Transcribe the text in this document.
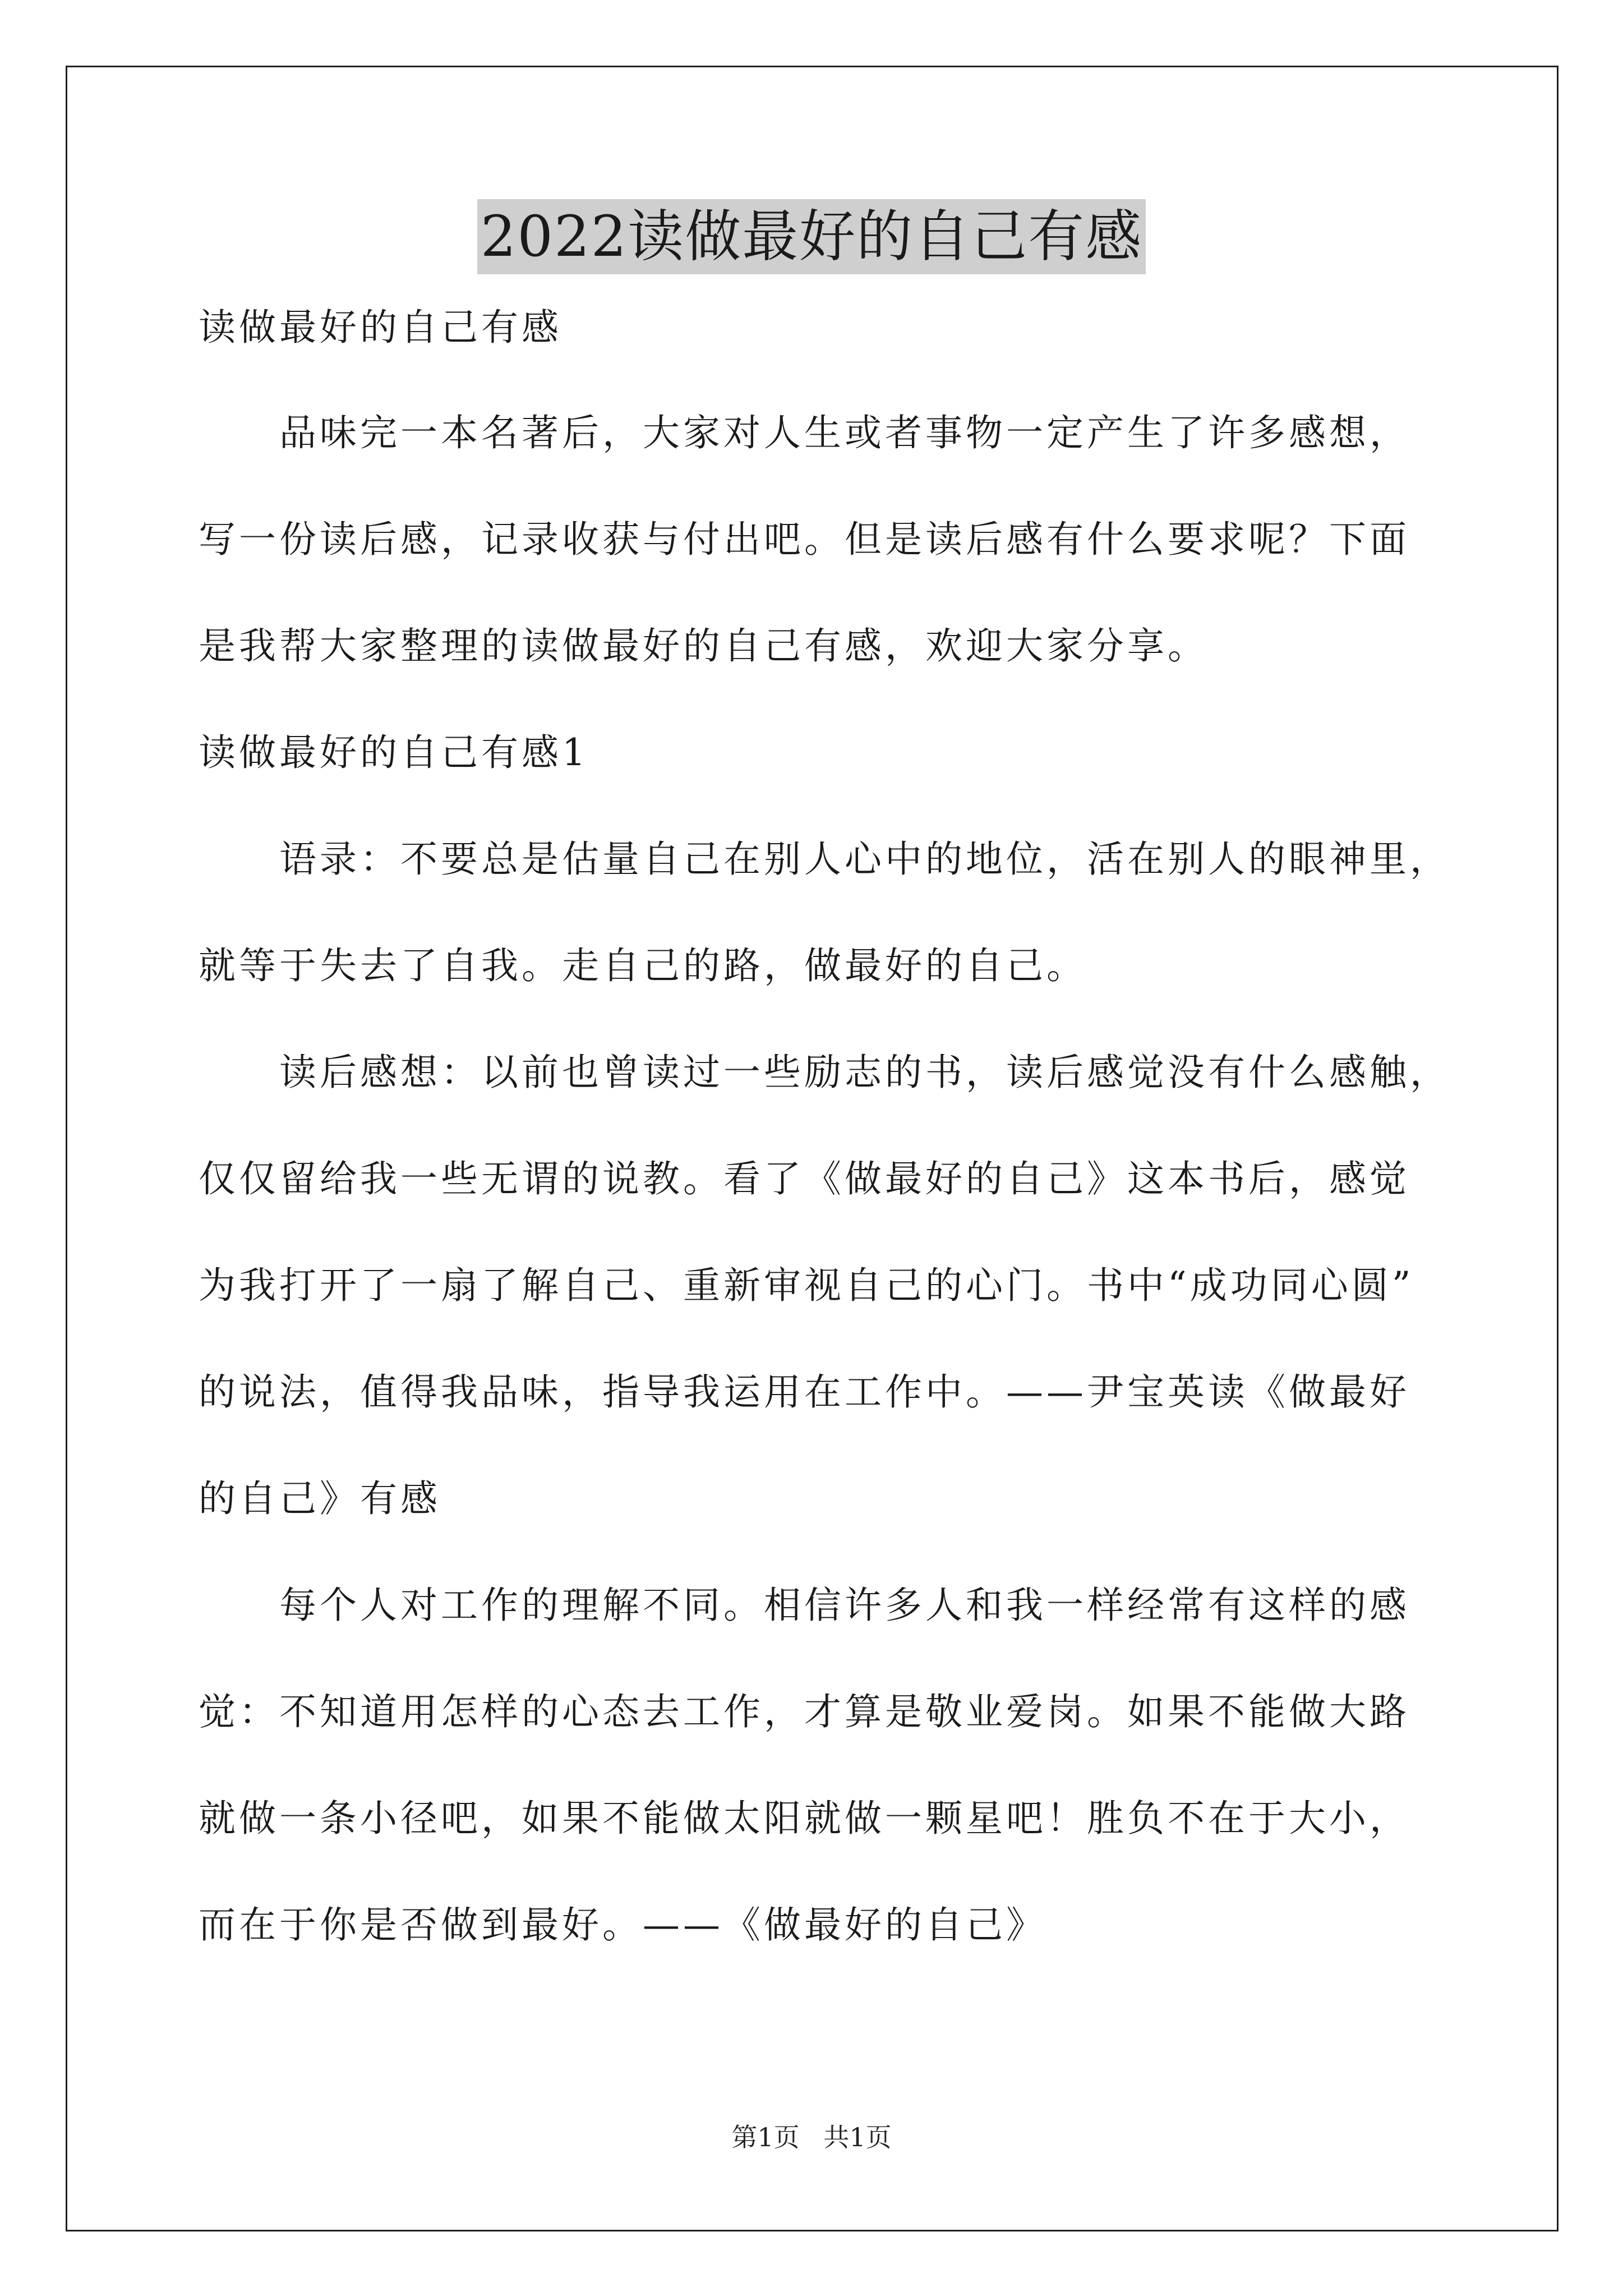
2022读做最好的自己有感
读做最好的自己有感
品味完一本名著后，大家对人生或者事物一定产生了许多感想，
写一份读后感，记录收获与付出吧。但是读后感有什么要求呢？下面
是我帮大家整理的读做最好的自己有感，欢迎大家分享。
读做最好的自己有感1
语录：不要总是估量自己在别人心中的地位，活在别人的眼神里，
就等于失去了自我。走自己的路，做最好的自己。
读后感想：以前也曾读过一些励志的书，读后感觉没有什么感触，
仅仅留给我一些无谓的说教。看了《做最好的自己》这本书后，感觉
为我打开了一扇了解自己、重新审视自己的心门。书中“成功同心圆”
的说法，值得我品味，指导我运用在工作中。——尹宝英读《做最好
的自己》有感
每个人对工作的理解不同。相信许多人和我一样经常有这样的感
觉：不知道用怎样的心态去工作，才算是敬业爱岗。如果不能做大路
就做一条小径吧，如果不能做太阳就做一颗星吧！胜负不在于大小，
而在于你是否做到最好。——《做最好的自己》
第1页 共1页
